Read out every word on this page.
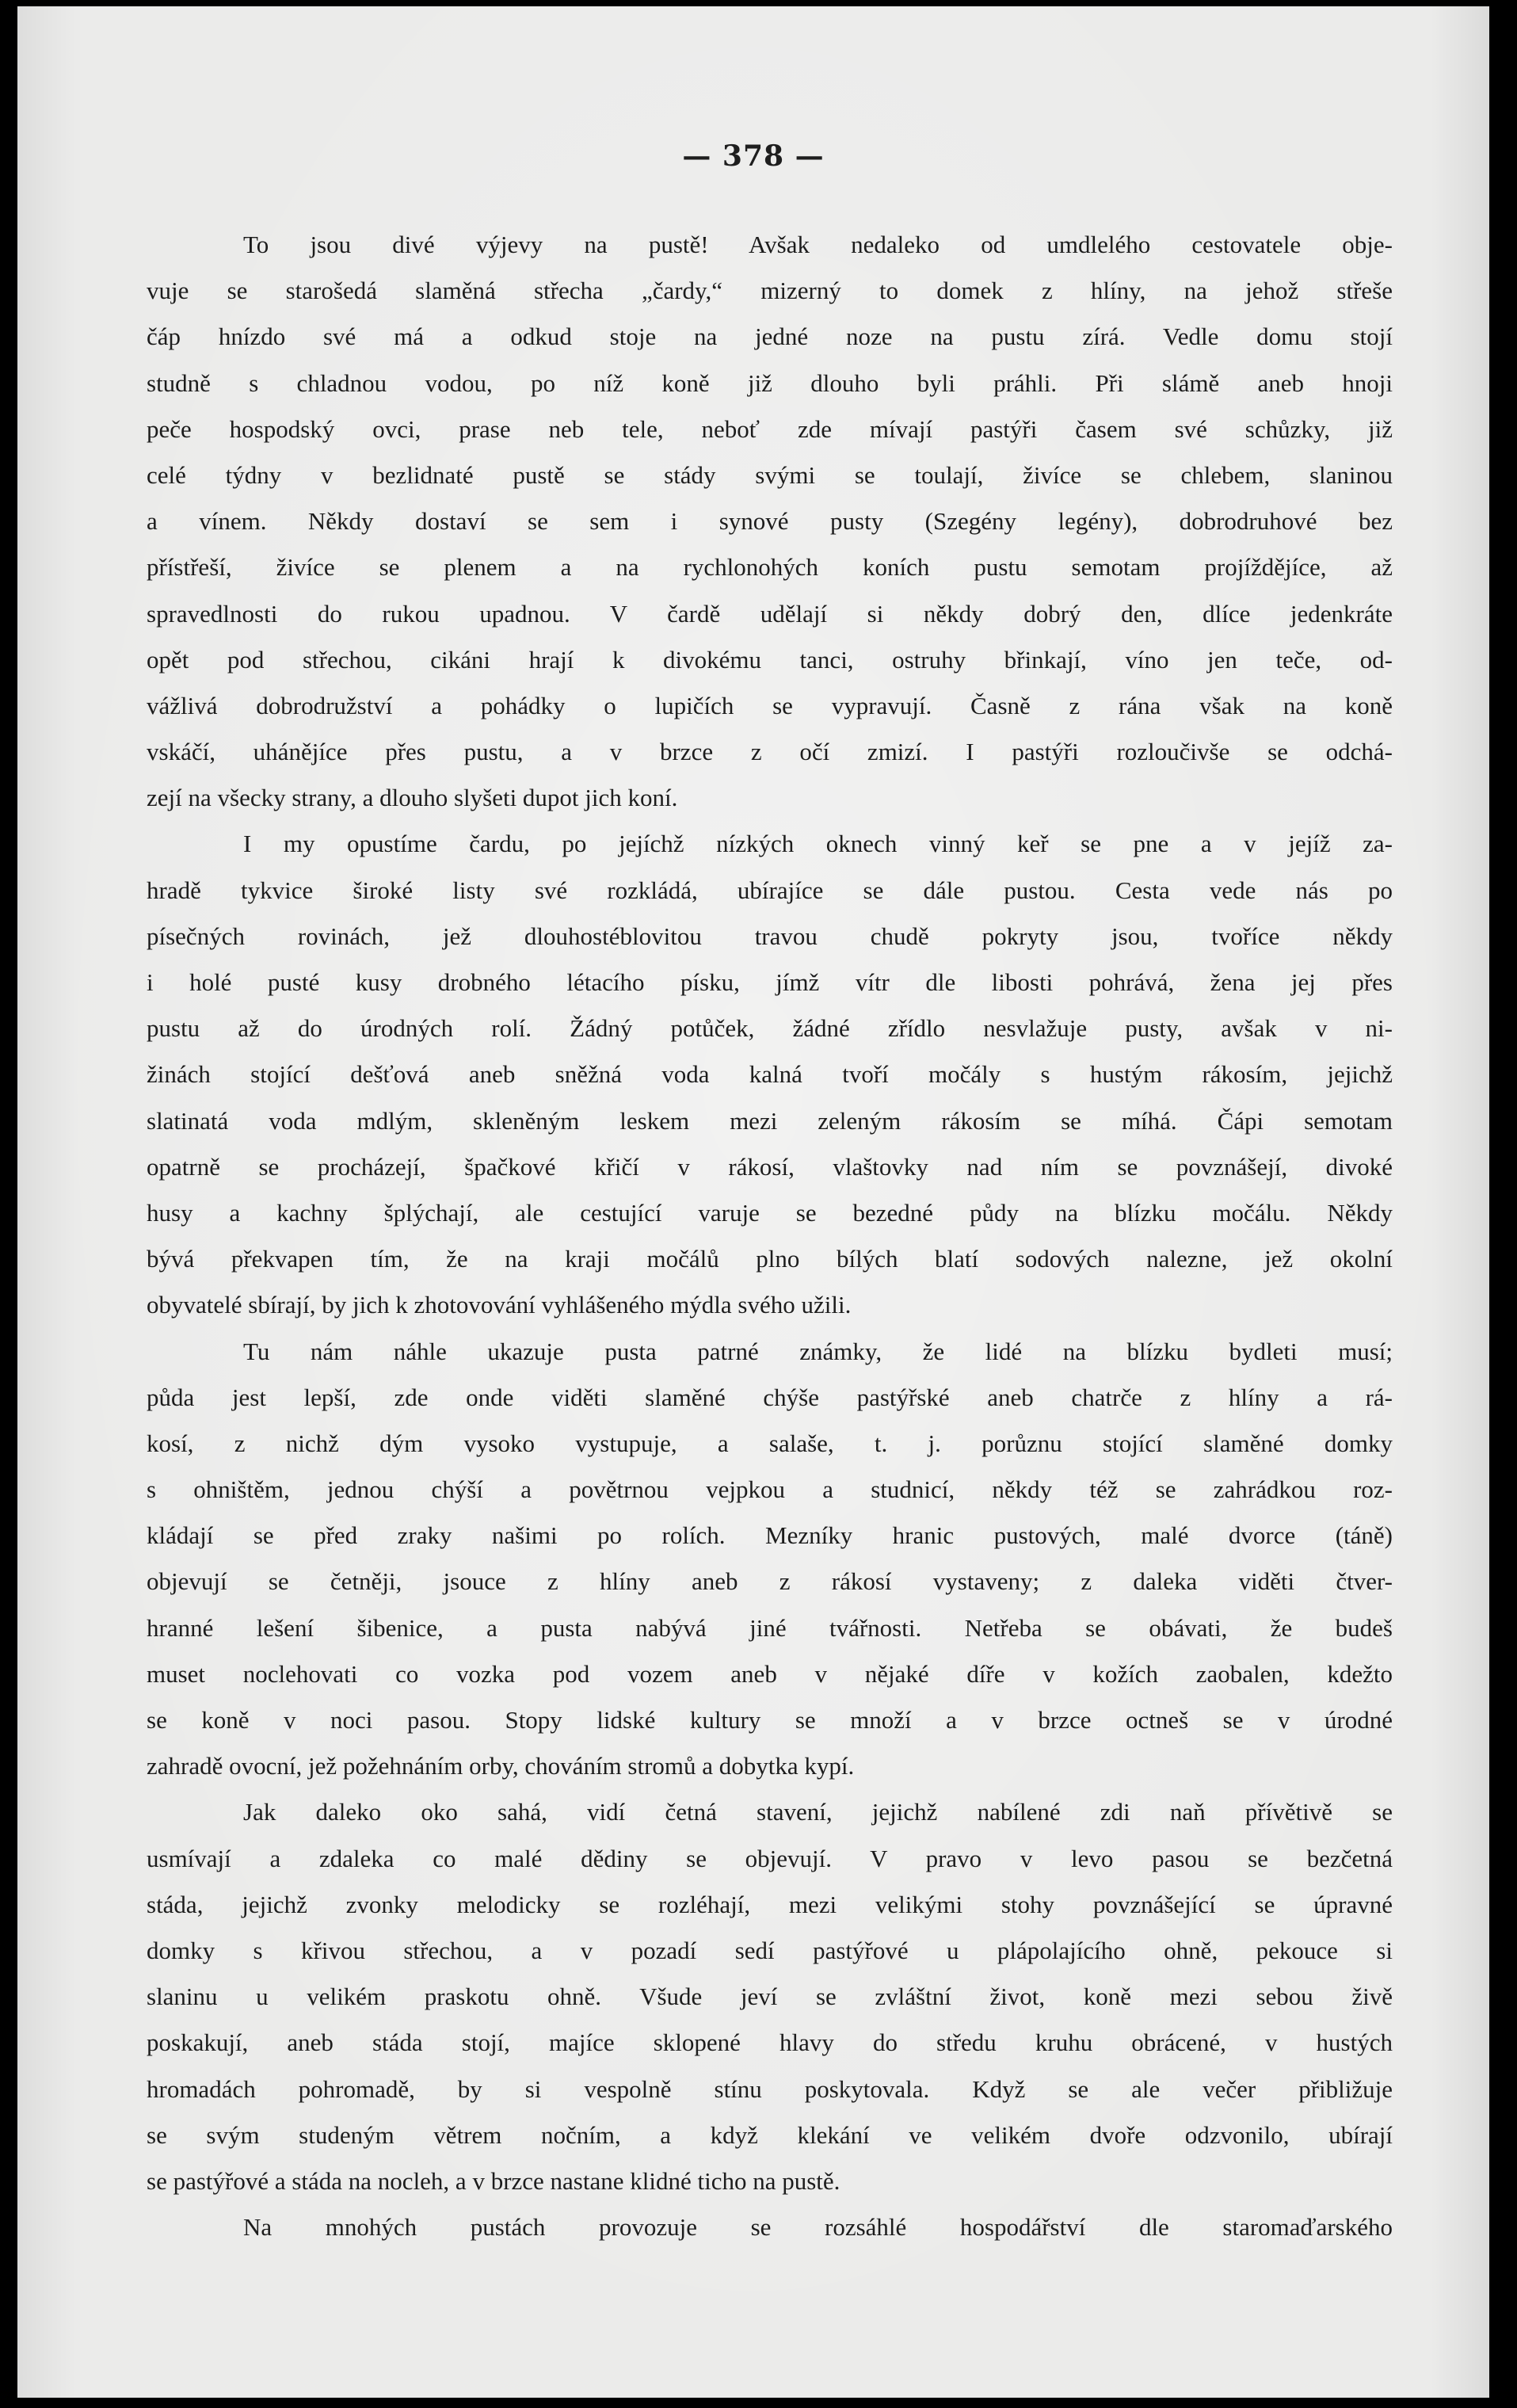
— 378 —
To jsou divé výjevy na pustě! Avšak nedaleko od umdlelého cestovatele obje-
vuje se starošedá slaměná střecha „čardy,“ mizerný to domek z hlíny, na jehož střeše
čáp hnízdo své má a odkud stoje na jedné noze na pustu zírá. Vedle domu stojí
studně s chladnou vodou, po níž koně již dlouho byli práhli. Při slámě aneb hnoji
peče hospodský ovci, prase neb tele, neboť zde mívají pastýři časem své schůzky, již
celé týdny v bezlidnaté pustě se stády svými se toulají, živíce se chlebem, slaninou
a vínem. Někdy dostaví se sem i synové pusty (Szegény legény), dobrodruhové bez
přístřeší, živíce se plenem a na rychlonohých koních pustu semotam projíždějíce, až
spravedlnosti do rukou upadnou. V čardě udělají si někdy dobrý den, dlíce jedenkráte
opět pod střechou, cikáni hrají k divokému tanci, ostruhy břinkají, víno jen teče, od-
vážlivá dobrodružství a pohádky o lupičích se vypravují. Časně z rána však na koně
vskáčí, uhánějíce přes pustu, a v brzce z očí zmizí. I pastýři rozloučivše se odchá-
zejí na všecky strany, a dlouho slyšeti dupot jich koní.
I my opustíme čardu, po jejíchž nízkých oknech vinný keř se pne a v jejíž za-
hradě tykvice široké listy své rozkládá, ubírajíce se dále pustou. Cesta vede nás po
písečných rovinách, jež dlouhostéblovitou travou chudě pokryty jsou, tvoříce někdy
i holé pusté kusy drobného létacího písku, jímž vítr dle libosti pohrává, žena jej přes
pustu až do úrodných rolí. Žádný potůček, žádné zřídlo nesvlažuje pusty, avšak v ni-
žinách stojící dešťová aneb sněžná voda kalná tvoří močály s hustým rákosím, jejichž
slatinatá voda mdlým, skleněným leskem mezi zeleným rákosím se míhá. Čápi semotam
opatrně se procházejí, špačkové křičí v rákosí, vlaštovky nad ním se povznášejí, divoké
husy a kachny šplýchají, ale cestující varuje se bezedné půdy na blízku močálu. Někdy
bývá překvapen tím, že na kraji močálů plno bílých blatí sodových nalezne, jež okolní
obyvatelé sbírají, by jich k zhotovování vyhlášeného mýdla svého užili.
Tu nám náhle ukazuje pusta patrné známky, že lidé na blízku bydleti musí;
půda jest lepší, zde onde viděti slaměné chýše pastýřské aneb chatrče z hlíny a rá-
kosí, z nichž dým vysoko vystupuje, a salaše, t. j. porůznu stojící slaměné domky
s ohništěm, jednou chýší a povětrnou vejpkou a studnicí, někdy též se zahrádkou roz-
kládají se před zraky našimi po rolích. Mezníky hranic pustových, malé dvorce (táně)
objevují se četněji, jsouce z hlíny aneb z rákosí vystaveny; z daleka viděti čtver-
hranné lešení šibenice, a pusta nabývá jiné tvářnosti. Netřeba se obávati, že budeš
muset noclehovati co vozka pod vozem aneb v nějaké díře v kožích zaobalen, kdežto
se koně v noci pasou. Stopy lidské kultury se množí a v brzce octneš se v úrodné
zahradě ovocní, jež požehnáním orby, chováním stromů a dobytka kypí.
Jak daleko oko sahá, vidí četná stavení, jejichž nabílené zdi naň přívětivě se
usmívají a zdaleka co malé dědiny se objevují. V pravo v levo pasou se bezčetná
stáda, jejichž zvonky melodicky se rozléhají, mezi velikými stohy povznášející se úpravné
domky s křivou střechou, a v pozadí sedí pastýřové u plápolajícího ohně, pekouce si
slaninu u velikém praskotu ohně. Všude jeví se zvláštní život, koně mezi sebou živě
poskakují, aneb stáda stojí, majíce sklopené hlavy do středu kruhu obrácené, v hustých
hromadách pohromadě, by si vespolně stínu poskytovala. Když se ale večer přibližuje
se svým studeným větrem nočním, a když klekání ve velikém dvoře odzvonilo, ubírají
se pastýřové a stáda na nocleh, a v brzce nastane klidné ticho na pustě.
Na mnohých pustách provozuje se rozsáhlé hospodářství dle staromaďarského
